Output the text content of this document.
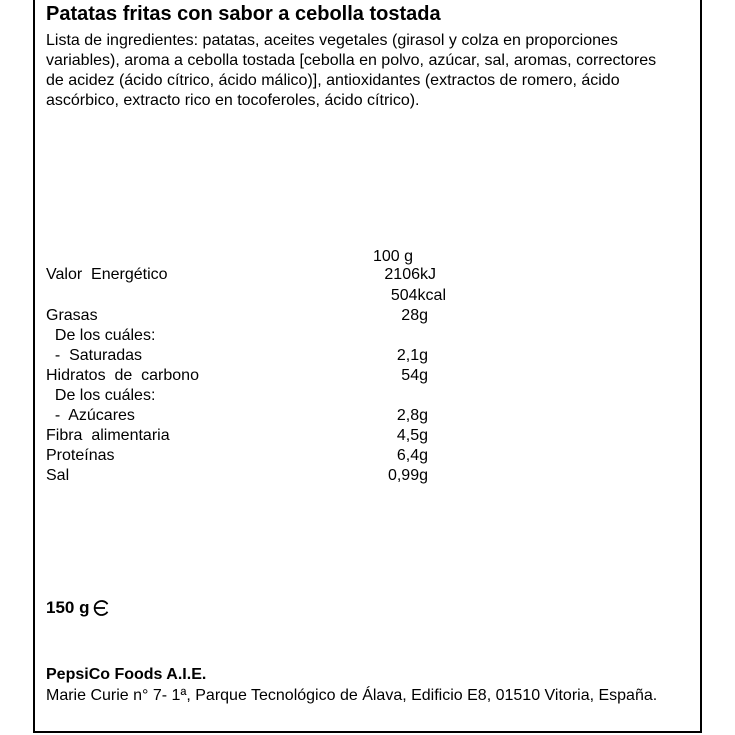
Patatas fritas con sabor a cebolla tostada
Lista de ingredientes: patatas, aceites vegetales (girasol y colza en proporciones variables), aroma a cebolla tostada [cebolla en polvo, azúcar, sal, aromas, correctores de acidez (ácido cítrico, ácido málico)], antioxidantes (extractos de romero, ácido ascórbico, extracto rico en tocoferoles, ácido cítrico).
100 g
Valor  Energético	2106kJ
504kcal
Grasas	28g
De los cuáles:
-  Saturadas	2,1g
Hidratos  de  carbono	54g
De los cuáles:
-  Azúcares	2,8g
Fibra  alimentaria	4,5g
Proteínas	6,4g
Sal	0,99g
150 g
PepsiCo Foods A.I.E.
Marie Curie n° 7- 1ª, Parque Tecnológico de Álava, Edificio E8, 01510 Vitoria, España.
